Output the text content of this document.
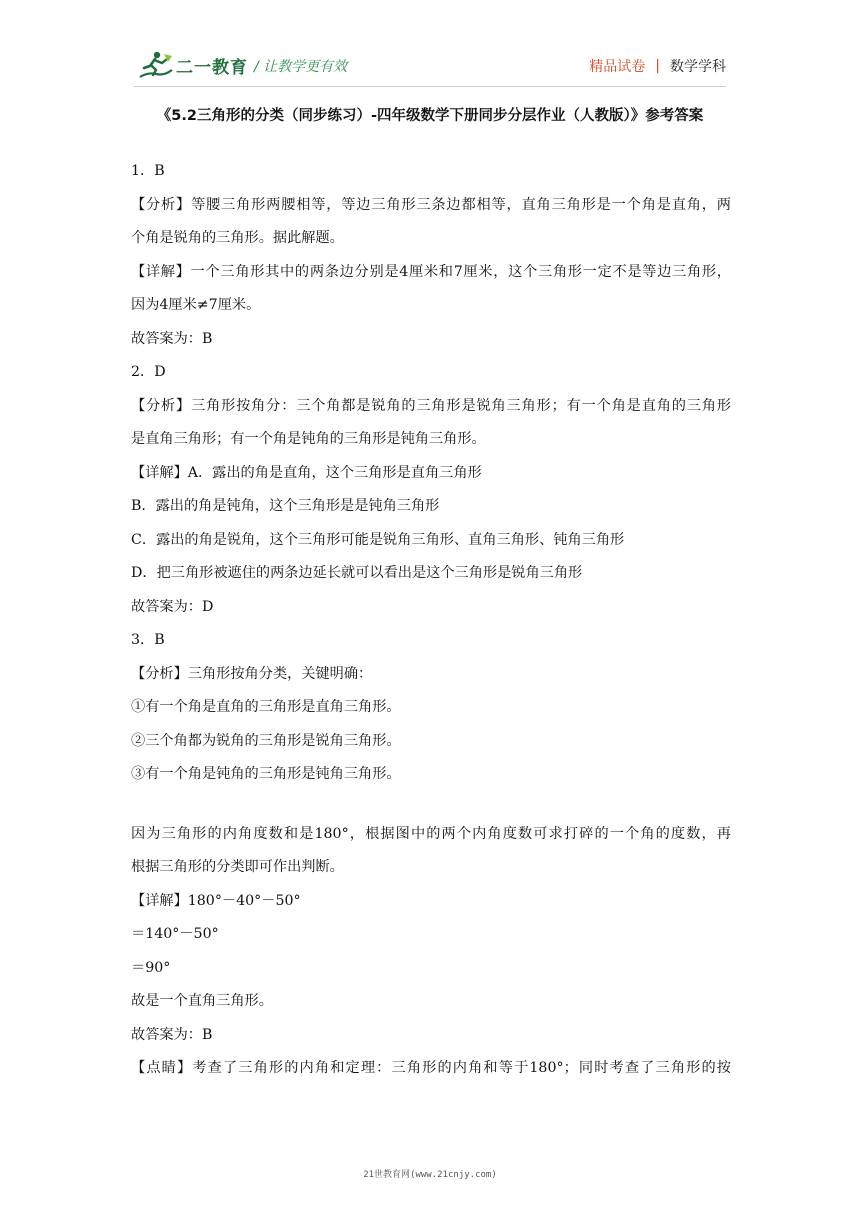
二一教育 / 让教学更有效	精品试卷 | 数学学科
《5.2三角形的分类（同步练习）-四年级数学下册同步分层作业（人教版）》参考答案
1．B
【分析】等腰三角形两腰相等，等边三角形三条边都相等，直角三角形是一个角是直角，两
个角是锐角的三角形。据此解题。
【详解】一个三角形其中的两条边分别是4厘米和7厘米，这个三角形一定不是等边三角形，
因为4厘米≠7厘米。
故答案为：B
2．D
【分析】三角形按角分：三个角都是锐角的三角形是锐角三角形；有一个角是直角的三角形
是直角三角形；有一个角是钝角的三角形是钝角三角形。
【详解】A．露出的角是直角，这个三角形是直角三角形
B．露出的角是钝角，这个三角形是是钝角三角形
C．露出的角是锐角，这个三角形可能是锐角三角形、直角三角形、钝角三角形
D．把三角形被遮住的两条边延长就可以看出是这个三角形是锐角三角形
故答案为：D
3．B
【分析】三角形按角分类，关键明确：
①有一个角是直角的三角形是直角三角形。
②三个角都为锐角的三角形是锐角三角形。
③有一个角是钝角的三角形是钝角三角形。
因为三角形的内角度数和是180°，根据图中的两个内角度数可求打碎的一个角的度数，再
根据三角形的分类即可作出判断。
【详解】180°－40°－50°
＝140°－50°
＝90°
故是一个直角三角形。
故答案为：B
【点睛】考查了三角形的内角和定理：三角形的内角和等于180°；同时考查了三角形的按
21世教育网(www.21cnjy.com)
